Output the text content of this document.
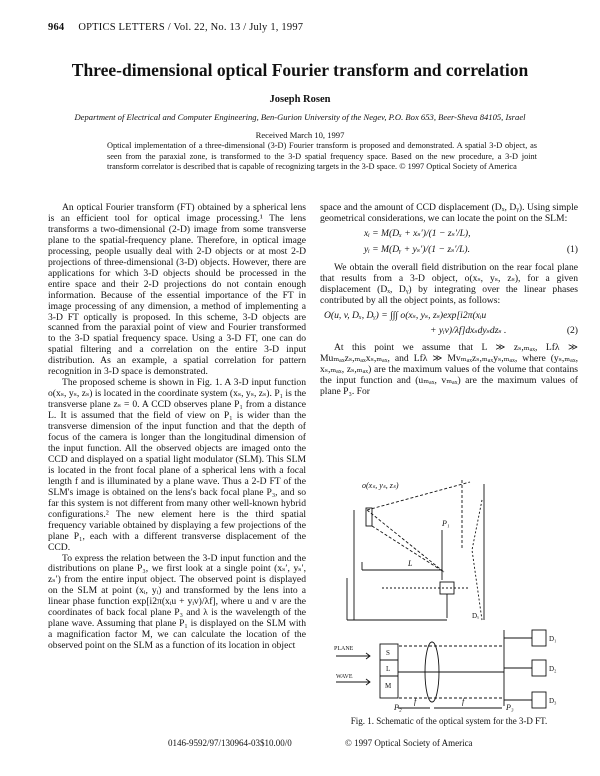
964 OPTICS LETTERS / Vol. 22, No. 13 / July 1, 1997
Three-dimensional optical Fourier transform and correlation
Joseph Rosen
Department of Electrical and Computer Engineering, Ben-Gurion University of the Negev, P.O. Box 653, Beer-Sheva 84105, Israel
Received March 10, 1997
Optical implementation of a three-dimensional (3-D) Fourier transform is proposed and demonstrated. A spatial 3-D object, as seen from the paraxial zone, is transformed to the 3-D spatial frequency space. Based on the new procedure, a 3-D joint transform correlator is described that is capable of recognizing targets in the 3-D space. © 1997 Optical Society of America

An optical Fourier transform (FT) obtained by a spherical lens is an efficient tool for optical image processing.¹ The lens transforms a two-dimensional (2-D) image from some transverse plane to the spatial-frequency plane. Therefore, in optical image processing, people usually deal with 2-D objects or at most 2-D projections of three-dimensional (3-D) objects. However, there are applications for which 3-D objects should be processed in the entire space and their 2-D projections do not contain enough information. Because of the essential importance of the FT in image processing of any dimension, a method of implementing a 3-D FT optically is proposed. In this scheme, 3-D objects are scanned from the paraxial point of view and Fourier transformed to the 3-D spatial frequency space. Using a 3-D FT, one can do spatial filtering and a correlation on the entire 3-D input distribution. As an example, a spatial correlation for pattern recognition in 3-D space is demonstrated.

The proposed scheme is shown in Fig. 1. A 3-D input function o(xₛ, yₛ, zₛ) is located in the coordinate system (xₛ, yₛ, zₛ). P₁ is the transverse plane zₛ = 0. A CCD observes plane P₁ from a distance L. It is assumed that the field of view on P₁ is wider than the transverse dimension of the input function and that the depth of focus of the camera is longer than the longitudinal dimension of the input function. All the observed objects are imaged onto the CCD and displayed on a spatial light modulator (SLM). This SLM is located in the front focal plane of a spherical lens with a focal length f and is illuminated by a plane wave. Thus a 2-D FT of the SLM's image is obtained on the lens's back focal plane P₃, and so far this system is not different from many other well-known hybrid configurations.² The new element here is the third spatial frequency variable obtained by displaying a few projections of the plane P₁, each with a different transverse displacement of the CCD.

To express the relation between the 3-D input function and the distributions on plane P₃, we first look at a single point (xₛ′, yₛ′, zₛ′) from the entire input object. The observed point is displayed on the SLM at point (xᵢ, yᵢ) and transformed by the lens into a linear phase function exp[i2π(xᵢu + yᵢv)/λf], where u and v are the coordinates of back focal plane P₃ and λ is the wavelength of the plane wave. Assuming that plane P₁ is displayed on the SLM with a magnification factor M, we can calculate the location of the observed point on the SLM as a function of its location in object

space and the amount of CCD displacement (Dₓ, Dᵧ). Using simple geometrical considerations, we can locate the point on the SLM:

xᵢ = M(Dₓ + xₛ′)/(1 − zₛ′/L),
yᵢ = M(Dᵧ + yₛ′)/(1 − zₛ′/L).	(1)

We obtain the overall field distribution on the rear focal plane that results from a 3-D object, o(xₛ, yₛ, zₛ), for a given displacement (Dₓ, Dᵧ) by integrating over the linear phases contributed by all the object points, as follows:

O(u, v, Dₓ, Dᵧ) = ∫∫∫ o(xₛ, yₛ, zₛ)exp[i2π(xᵢu
+ yᵢv)/λf]dxₛdyₛdzₛ .	(2)

At this point we assume that L ≫ zₛ,ₘₐₓ, Lfλ ≫ Muₘₐₓzₛ,ₘₐₓxₛ,ₘₐₓ, and Lfλ ≫ Mvₘₐₓzₛ,ₘₐₓyₛ,ₘₐₓ, where (yₛ,ₘₐₓ, xₛ,ₘₐₓ, zₛ,ₘₐₓ) are the maximum values of the volume that contains the input function and (uₘₐₓ, vₘₐₓ) are the maximum values of plane P₃. For

o(xₛ, yₛ, zₛ)
P₁
L
PLANE
WAVE
S
L
M
P₂	P₃
f	f
D₁
D₂
D₃
Dₓ
Fig. 1. Schematic of the optical system for the 3-D FT.
0146-9592/97/130964-03$10.00/0	© 1997 Optical Society of America
